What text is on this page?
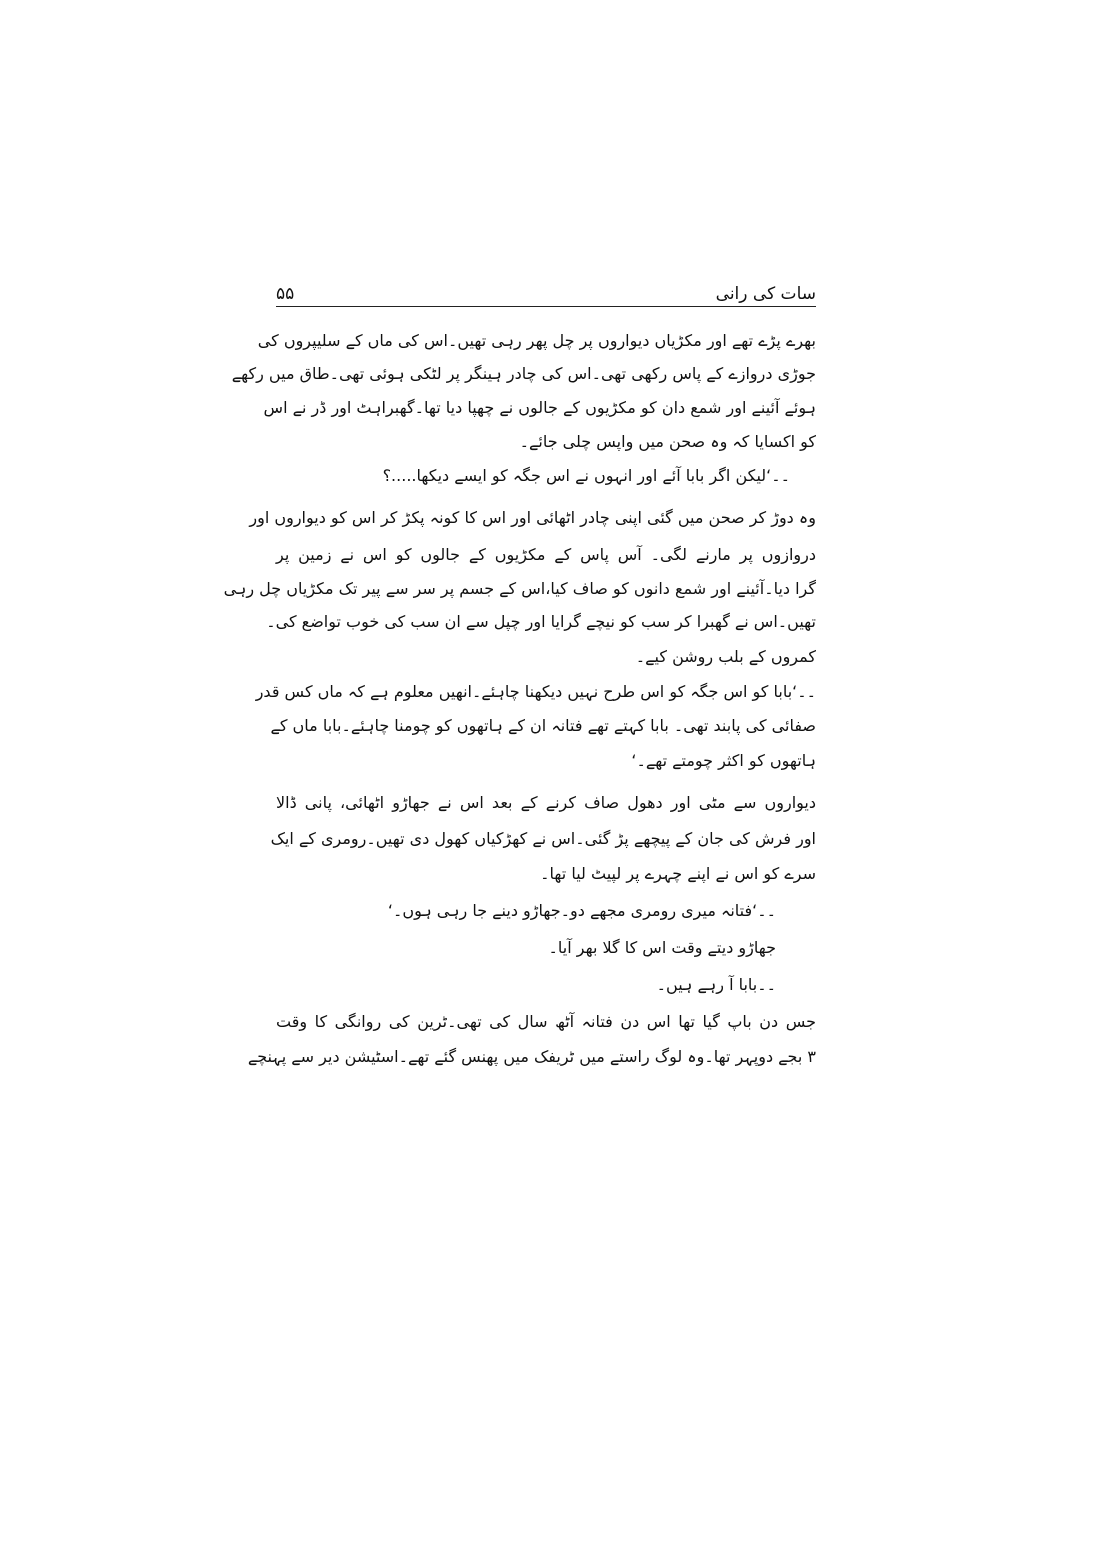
سات کی رانی
۵۵
بھرے پڑے تھے اور مکڑیاں دیواروں پر چل پھر رہی تھیں۔اس کی ماں کے سلیپروں کی
جوڑی دروازے کے پاس رکھی تھی۔اس کی چادر ہینگر پر لٹکی ہوئی تھی۔طاق میں رکھے
ہوئے آئینے اور شمع دان کو مکڑیوں کے جالوں نے چھپا دیا تھا۔گھبراہٹ اور ڈر نے اس
کو اکسایا کہ وہ صحن میں واپس چلی جائے۔
۔۔‘لیکن اگر بابا آئے اور انہوں نے اس جگہ کو ایسے دیکھا.....؟
وہ دوڑ کر صحن میں گئی اپنی چادر اٹھائی اور اس کا کونہ پکڑ کر اس کو دیواروں اور
دروازوں پر مارنے لگی۔ آس پاس کے مکڑیوں کے جالوں کو اس نے زمین پر
گرا دیا۔آئینے اور شمع دانوں کو صاف کیا،اس کے جسم پر سر سے پیر تک مکڑیاں چل رہی
تھیں۔اس نے گھبرا کر سب کو نیچے گرایا اور چپل سے ان سب کی خوب تواضع کی۔
کمروں کے بلب روشن کیے۔
۔۔‘بابا کو اس جگہ کو اس طرح نہیں دیکھنا چاہئے۔انھیں معلوم ہے کہ ماں کس قدر
صفائی کی پابند تھی۔ بابا کہتے تھے فتانہ ان کے ہاتھوں کو چومنا چاہئے۔بابا ماں کے
ہاتھوں کو اکثر چومتے تھے۔‘
دیواروں سے مٹی اور دھول صاف کرنے کے بعد اس نے جھاڑو اٹھائی، پانی ڈالا
اور فرش کی جان کے پیچھے پڑ گئی۔اس نے کھڑکیاں کھول دی تھیں۔رومری کے ایک
سرے کو اس نے اپنے چہرے پر لپیٹ لیا تھا۔
۔۔‘فتانہ میری رومری مجھے دو۔جھاڑو دینے جا رہی ہوں۔‘
جھاڑو دیتے وقت اس کا گلا بھر آیا۔
۔۔بابا آ رہے ہیں۔
جس دن باپ گیا تھا اس دن فتانہ آٹھ سال کی تھی۔ٹرین کی روانگی کا وقت
۳ بجے دوپہر تھا۔وہ لوگ راستے میں ٹریفک میں پھنس گئے تھے۔اسٹیشن دیر سے پہنچے
